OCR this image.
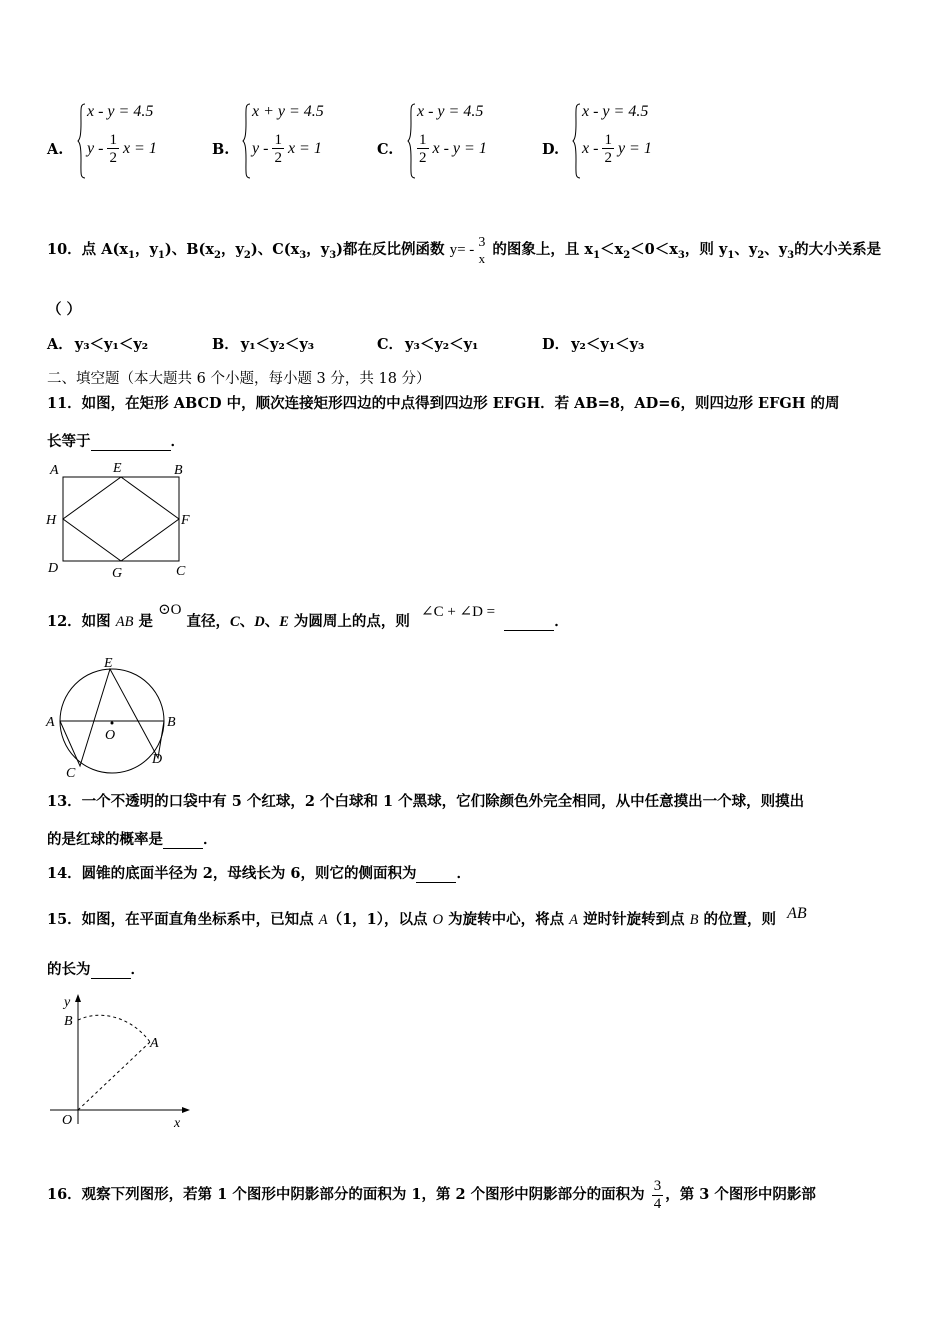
A.
x - y = 4.5
y - $\frac{1}{2}$ x = 1	B.
x + y = 4.5
y - $\frac{1}{2}$ x = 1	C.
x - y = 4.5
$\frac{1}{2}$ x - y = 1	D.
x - y = 4.5
x - $\frac{1}{2}$ y = 1
10．点 $A(x_1$，$y_1$)、$B(x_2$，$y_2$)、$C(x_3$，$y_3$)都在反比例函数 y= - 3
x
的图象上，且 $x_1<x_2<0<x_3$，则 $y_1$、$y_2$、$y_3$的大小关系是
（ ）
A． y₃＜y₁＜y₂	B． y₁＜y₂＜y₃	C． y₃＜y₂＜y₁	D． y₂＜y₁＜y₃
二、填空题（本大题共 6 个小题，每小题 3 分，共 18 分）
11．如图，在矩形 ABCD 中，顺次连接矩形四边的中点得到四边形 EFGH．若 AB=8，AD=6，则四边形 EFGH 的周
长等于	．
A	E	B
H	F
D	G	C
12．如图 AB 是 ⊙O 直径，C、D、E 为圆周上的点，则 ∠C + ∠D =  ．
E
A	B
O
C
D
13．一个不透明的口袋中有 5 个红球，2 个白球和 1 个黑球，它们除颜色外完全相同，从中任意摸出一个球，则摸出
的是红球的概率是	．
14．圆锥的底面半径为 2，母线长为 6，则它的侧面积为	．
15．如图，在平面直角坐标系中，已知点 A（1，1），以点 O 为旋转中心，将点 A 逆时针旋转到点 B 的位置，则 AB
的长为	．
y
B
A
O	x
16．观察下列图形，若第 1 个图形中阴影部分的面积为 1，第 2 个图形中阴影部分的面积为 $\frac{3}{4}$ ，第 3 个图形中阴影部
